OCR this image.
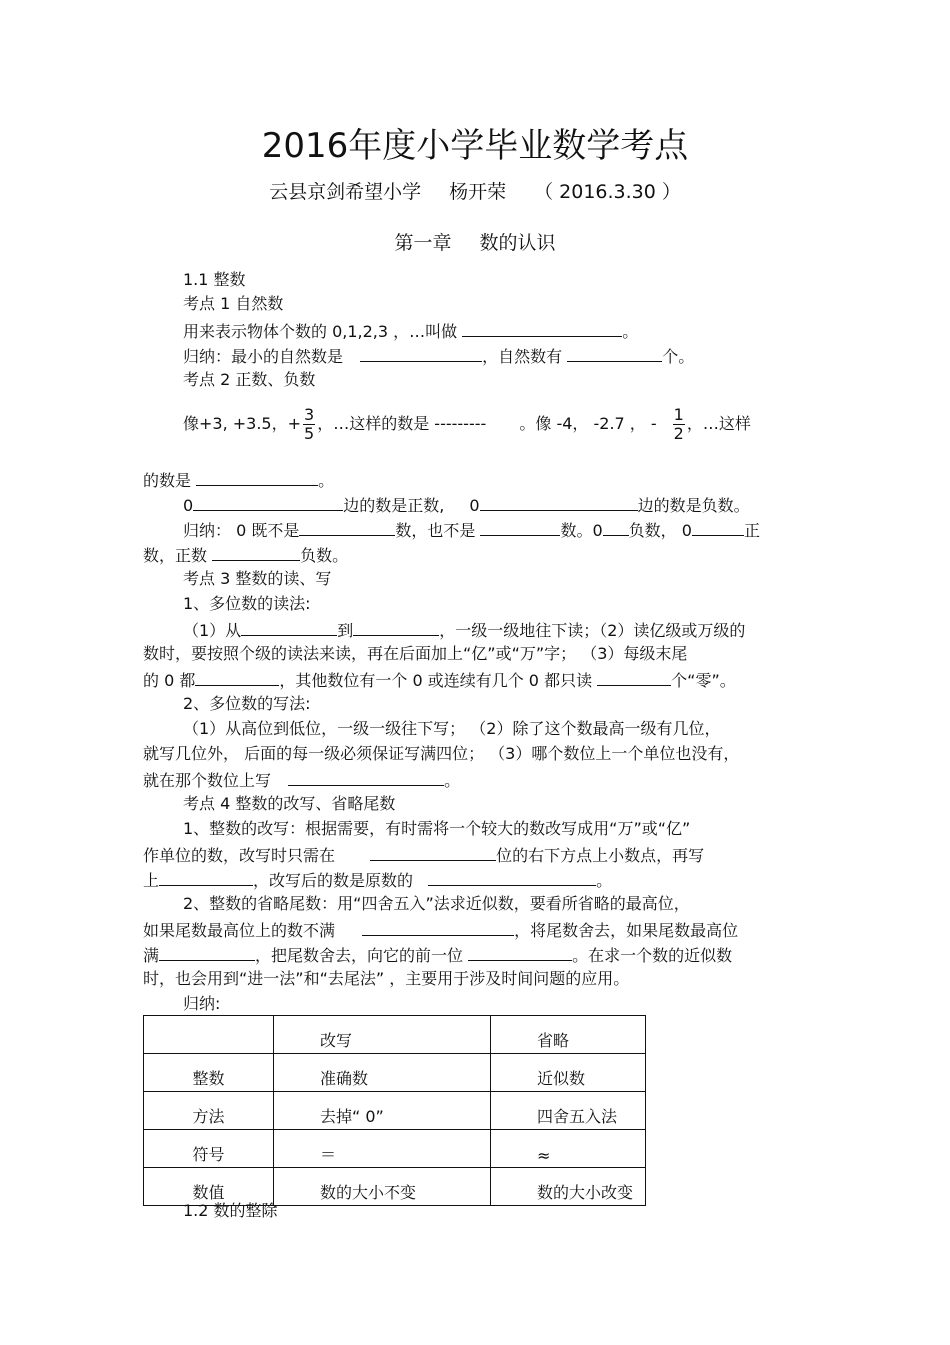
2016年度小学毕业数学考点
云县京剑希望小学 杨开荣 （ 2016.3.30 ）
第一章 数的认识
1.1 整数
考点 1 自然数
用来表示物体个数的 0,1,2,3 ，…叫做	。
归纳：最小的自然数是	，自然数有	个。
考点 2 正数、负数
像+3, +3.5，+ $\frac{3}{5}$ ，…这样的数是 --------- 。像 -4， -2.7 ， - $\frac{1}{2}$ ，…这样
的数是	。
0	边的数是正数, 0	边的数是负数。
归纳： 0 既不是	数，也不是	数。0 负数， 0	正
数，正数	负数。
考点 3 整数的读、写
1、多位数的读法:
（1）从	到	，一级一级地往下读；（2）读亿级或万级的
数时，要按照个级的读法来读，再在后面加上“亿”或“万”字； （3）每级末尾
的 0 都	，其他数位有一个 0 或连续有几个 0 都只读	个“零”。
2、多位数的写法:
（1）从高位到低位，一级一级往下写； （2）除了这个数最高一级有几位，
就写几位外， 后面的每一级必须保证写满四位； （3）哪个数位上一个单位也没有，
就在那个数位上写	。
考点 4 整数的改写、省略尾数
1、整数的改写：根据需要，有时需将一个较大的数改写成用“万”或“亿”
作单位的数，改写时只需在	位的右下方点上小数点，再写
上	，改写后的数是原数的	。
2、整数的省略尾数：用“四舍五入”法求近似数，要看所省略的最高位，
如果尾数最高位上的数不满	，将尾数舍去，如果尾数最高位
满	，把尾数舍去，向它的前一位	。在求一个数的近似数
时，也会用到“进一法”和“去尾法” ，主要用于涉及时间问题的应用。
归纳:
	改写	省略
整数	准确数	近似数
方法	去掉“ 0”	四舍五入法
符号	＝	≈
数值	数的大小不变	数的大小改变
1.2 数的整除
